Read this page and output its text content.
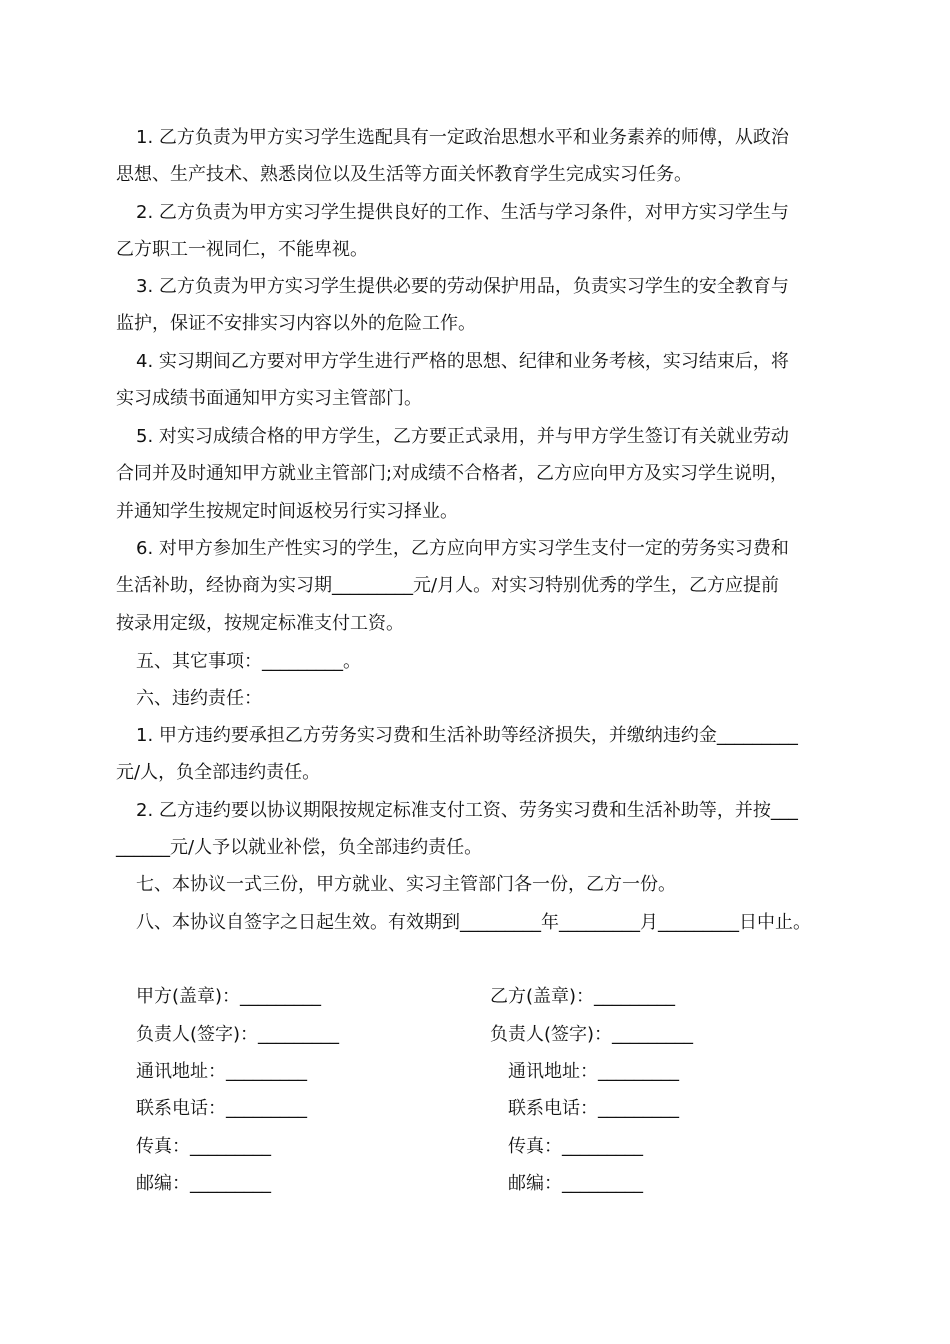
1. 乙方负责为甲方实习学生选配具有一定政治思想水平和业务素养的师傅，从政治
思想、生产技术、熟悉岗位以及生活等方面关怀教育学生完成实习任务。
2. 乙方负责为甲方实习学生提供良好的工作、生活与学习条件，对甲方实习学生与
乙方职工一视同仁，不能卑视。
3. 乙方负责为甲方实习学生提供必要的劳动保护用品，负责实习学生的安全教育与
监护，保证不安排实习内容以外的危险工作。
4. 实习期间乙方要对甲方学生进行严格的思想、纪律和业务考核，实习结束后，将
实习成绩书面通知甲方实习主管部门。
5. 对实习成绩合格的甲方学生，乙方要正式录用，并与甲方学生签订有关就业劳动
合同并及时通知甲方就业主管部门;对成绩不合格者，乙方应向甲方及实习学生说明，
并通知学生按规定时间返校另行实习择业。
6. 对甲方参加生产性实习的学生，乙方应向甲方实习学生支付一定的劳务实习费和
生活补助，经协商为实习期_________元/月人。对实习特别优秀的学生，乙方应提前
按录用定级，按规定标准支付工资。
五、其它事项：_________。
六、违约责任：
1. 甲方违约要承担乙方劳务实习费和生活补助等经济损失，并缴纳违约金_________
元/人，负全部违约责任。
2. 乙方违约要以协议期限按规定标准支付工资、劳务实习费和生活补助等，并按___
______元/人予以就业补偿，负全部违约责任。
七、本协议一式三份，甲方就业、实习主管部门各一份，乙方一份。
八、本协议自签字之日起生效。有效期到_________年_________月_________日中止。
甲方(盖章)：_________
负责人(签字)：_________
通讯地址：_________
联系电话：_________
传真：_________
邮编：_________
乙方(盖章)：_________
负责人(签字)：_________
通讯地址：_________
联系电话：_________
传真：_________
邮编：_________
